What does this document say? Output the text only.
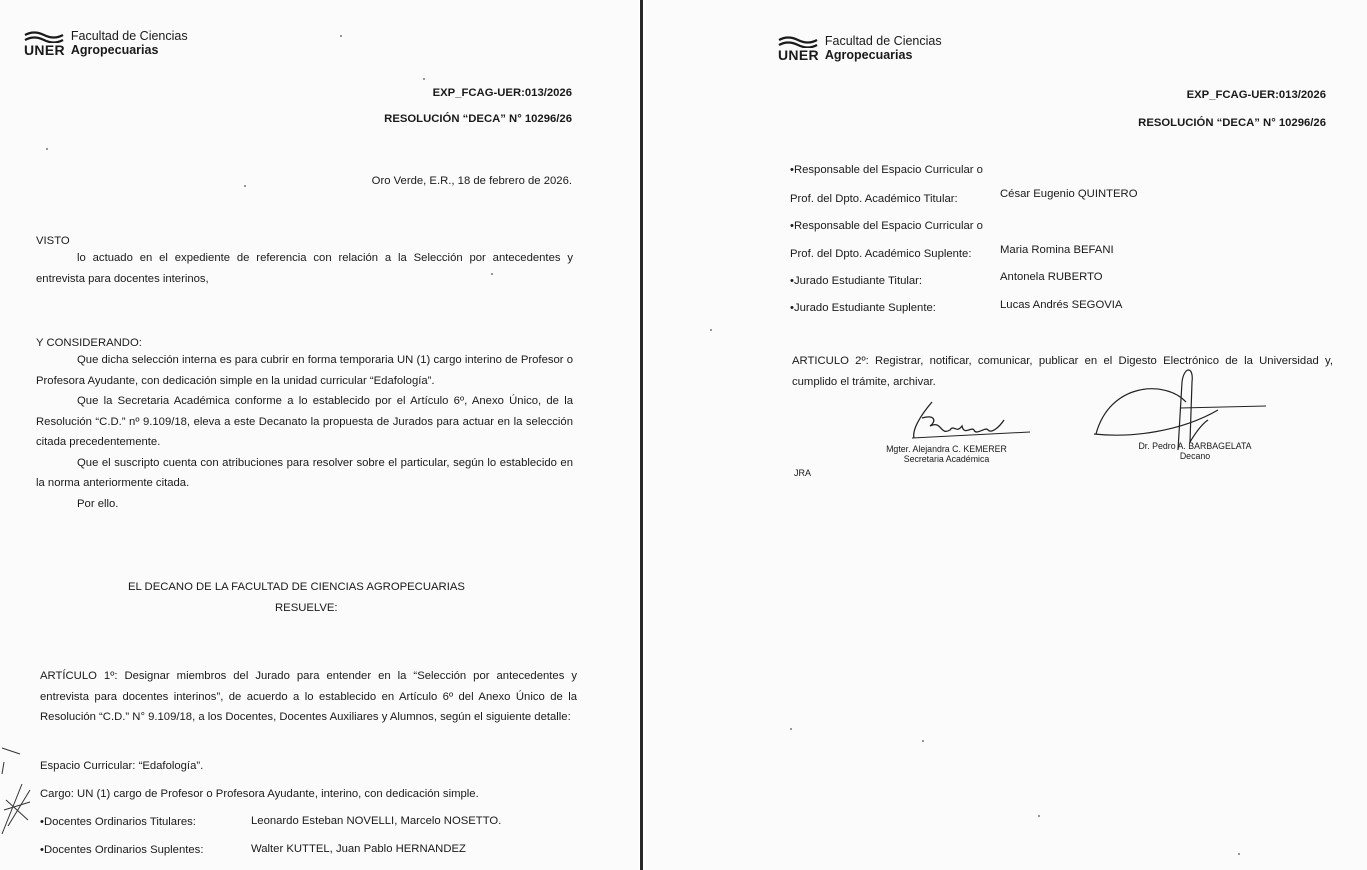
UNER
Facultad de Ciencias
Agropecuarias
EXP_FCAG-UER:013/2026
RESOLUCIÓN “DECA” N° 10296/26
Oro Verde, E.R., 18 de febrero de 2026.
VISTO

lo actuado en el expediente de referencia con relación a la Selección por antecedentes y entrevista para docentes interinos,

Y CONSIDERANDO:

Que dicha selección interna es para cubrir en forma temporaria UN (1) cargo interino de Profesor o Profesora Ayudante, con dedicación simple en la unidad curricular “Edafología”.

Que la Secretaria Académica conforme a lo establecido por el Artículo 6º, Anexo Único, de la Resolución “C.D.” nº 9.109/18, eleva a este Decanato la propuesta de Jurados para actuar en la selección citada precedentemente.

Que el suscripto cuenta con atribuciones para resolver sobre el particular, según lo establecido en la norma anteriormente citada.

Por ello.

EL DECANO DE LA FACULTAD DE CIENCIAS AGROPECUARIAS
RESUELVE:

ARTÍCULO 1º: Designar miembros del Jurado para entender en la “Selección por antecedentes y entrevista para docentes interinos”, de acuerdo a lo establecido en Artículo 6º del Anexo Único de la Resolución “C.D.” N° 9.109/18, a los Docentes, Docentes Auxiliares y Alumnos, según el siguiente detalle:

Espacio Curricular: “Edafología”.
Cargo: UN (1) cargo de Profesor o Profesora Ayudante, interino, con dedicación simple.
•Docentes Ordinarios Titulares:	Leonardo Esteban NOVELLI, Marcelo NOSETTO.
•Docentes Ordinarios Suplentes:	Walter KUTTEL, Juan Pablo HERNANDEZ
UNER
Facultad de Ciencias
Agropecuarias
EXP_FCAG-UER:013/2026
RESOLUCIÓN “DECA” N° 10296/26
•Responsable del Espacio Curricular o
Prof. del Dpto. Académico Titular:	César Eugenio QUINTERO
•Responsable del Espacio Curricular o
Prof. del Dpto. Académico Suplente:	Maria Romina BEFANI
•Jurado Estudiante Titular:	Antonela RUBERTO
•Jurado Estudiante Suplente:	Lucas Andrés SEGOVIA

ARTICULO 2º: Registrar, notificar, comunicar, publicar en el Digesto Electrónico de la Universidad y, cumplido el trámite, archivar.

Mgter. Alejandra C. KEMERER
Secretaria Académica
Dr. Pedro A. BARBAGELATA
Decano
JRA
